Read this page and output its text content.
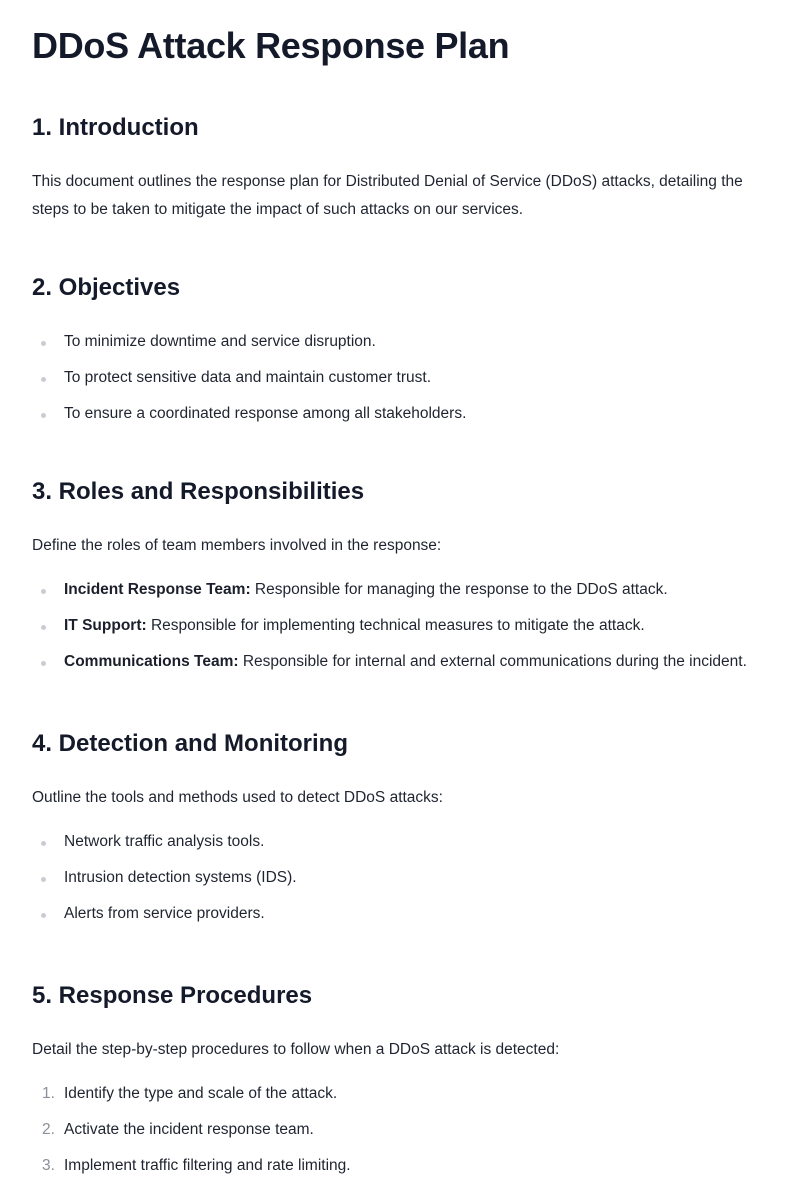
DDoS Attack Response Plan
1. Introduction

This document outlines the response plan for Distributed Denial of Service (DDoS) attacks, detailing the steps to be taken to mitigate the impact of such attacks on our services.

2. Objectives
To minimize downtime and service disruption.
To protect sensitive data and maintain customer trust.
To ensure a coordinated response among all stakeholders.
3. Roles and Responsibilities

Define the roles of team members involved in the response:

Incident Response Team: Responsible for managing the response to the DDoS attack.
IT Support: Responsible for implementing technical measures to mitigate the attack.
Communications Team: Responsible for internal and external communications during the incident.
4. Detection and Monitoring

Outline the tools and methods used to detect DDoS attacks:

Network traffic analysis tools.
Intrusion detection systems (IDS).
Alerts from service providers.
5. Response Procedures

Detail the step-by-step procedures to follow when a DDoS attack is detected:

1. Identify the type and scale of the attack.
2. Activate the incident response team.
3. Implement traffic filtering and rate limiting.
